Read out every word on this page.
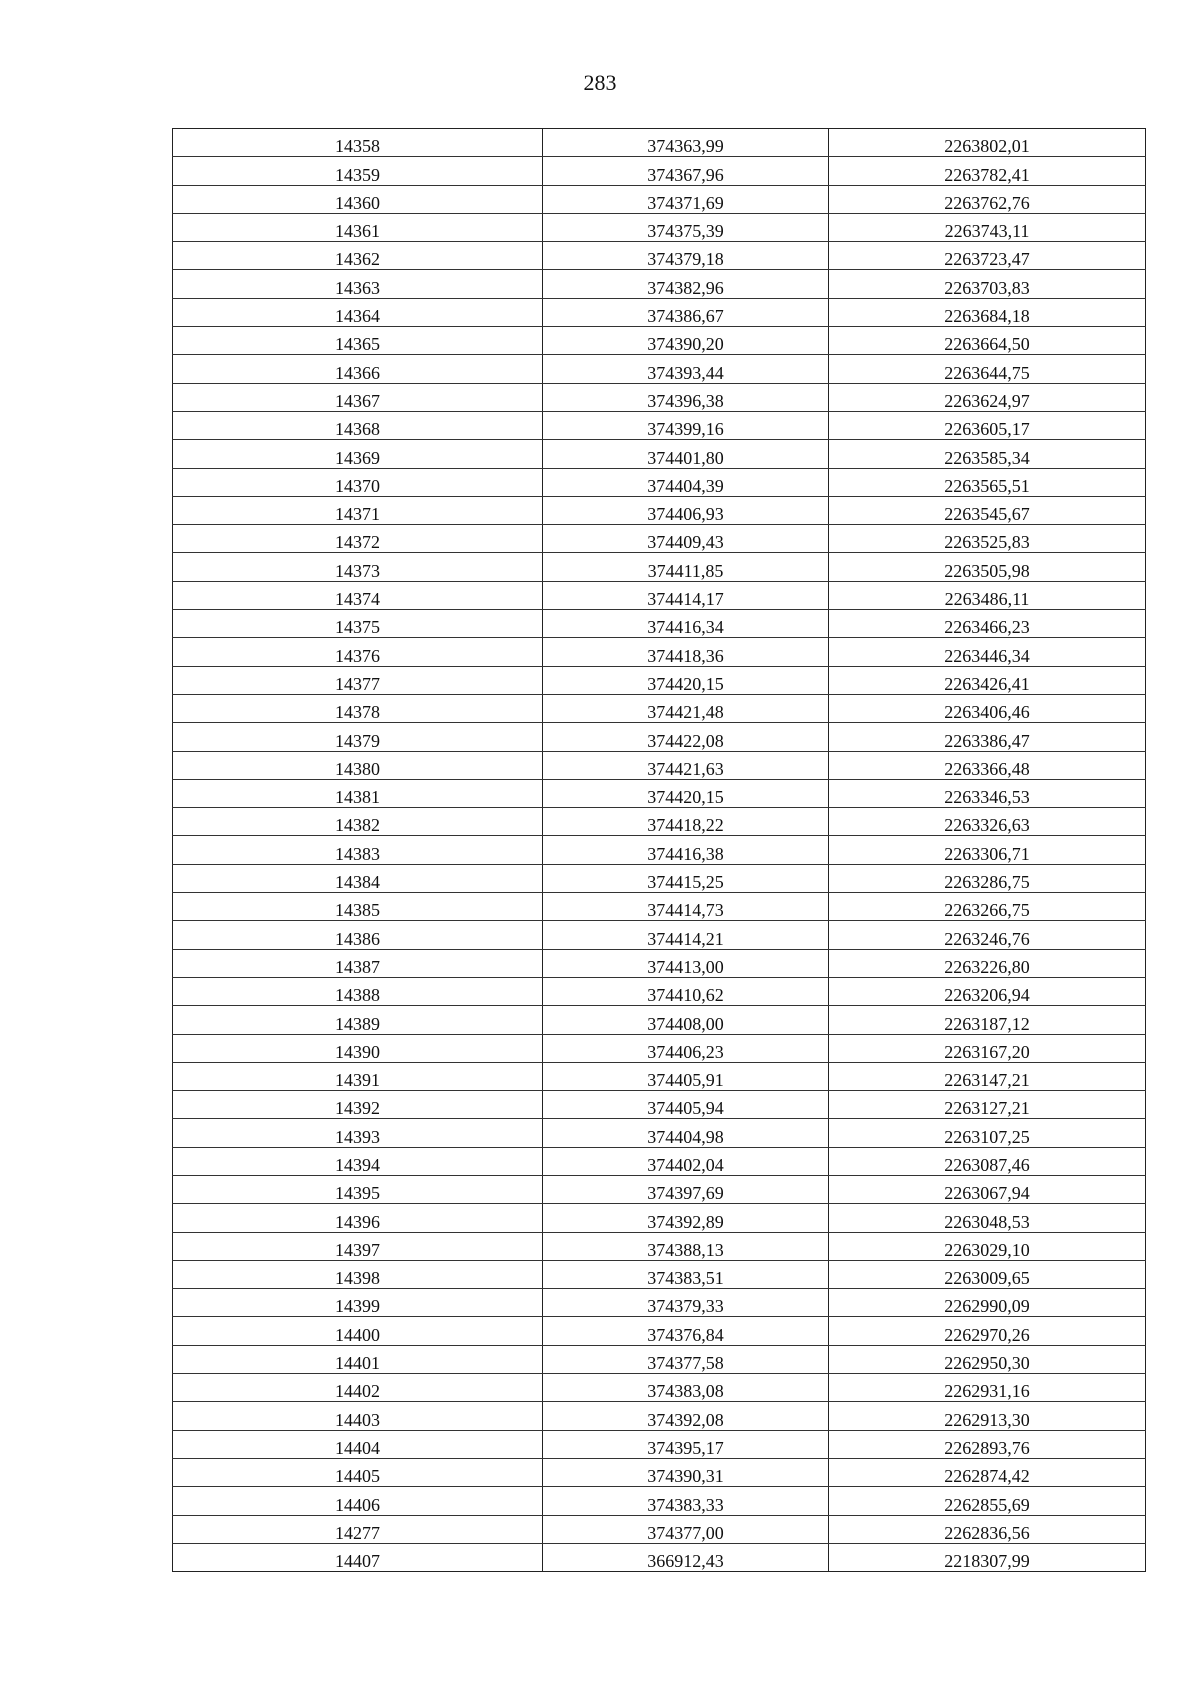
283
14358	374363,99	2263802,01
14359	374367,96	2263782,41
14360	374371,69	2263762,76
14361	374375,39	2263743,11
14362	374379,18	2263723,47
14363	374382,96	2263703,83
14364	374386,67	2263684,18
14365	374390,20	2263664,50
14366	374393,44	2263644,75
14367	374396,38	2263624,97
14368	374399,16	2263605,17
14369	374401,80	2263585,34
14370	374404,39	2263565,51
14371	374406,93	2263545,67
14372	374409,43	2263525,83
14373	374411,85	2263505,98
14374	374414,17	2263486,11
14375	374416,34	2263466,23
14376	374418,36	2263446,34
14377	374420,15	2263426,41
14378	374421,48	2263406,46
14379	374422,08	2263386,47
14380	374421,63	2263366,48
14381	374420,15	2263346,53
14382	374418,22	2263326,63
14383	374416,38	2263306,71
14384	374415,25	2263286,75
14385	374414,73	2263266,75
14386	374414,21	2263246,76
14387	374413,00	2263226,80
14388	374410,62	2263206,94
14389	374408,00	2263187,12
14390	374406,23	2263167,20
14391	374405,91	2263147,21
14392	374405,94	2263127,21
14393	374404,98	2263107,25
14394	374402,04	2263087,46
14395	374397,69	2263067,94
14396	374392,89	2263048,53
14397	374388,13	2263029,10
14398	374383,51	2263009,65
14399	374379,33	2262990,09
14400	374376,84	2262970,26
14401	374377,58	2262950,30
14402	374383,08	2262931,16
14403	374392,08	2262913,30
14404	374395,17	2262893,76
14405	374390,31	2262874,42
14406	374383,33	2262855,69
14277	374377,00	2262836,56
14407	366912,43	2218307,99
